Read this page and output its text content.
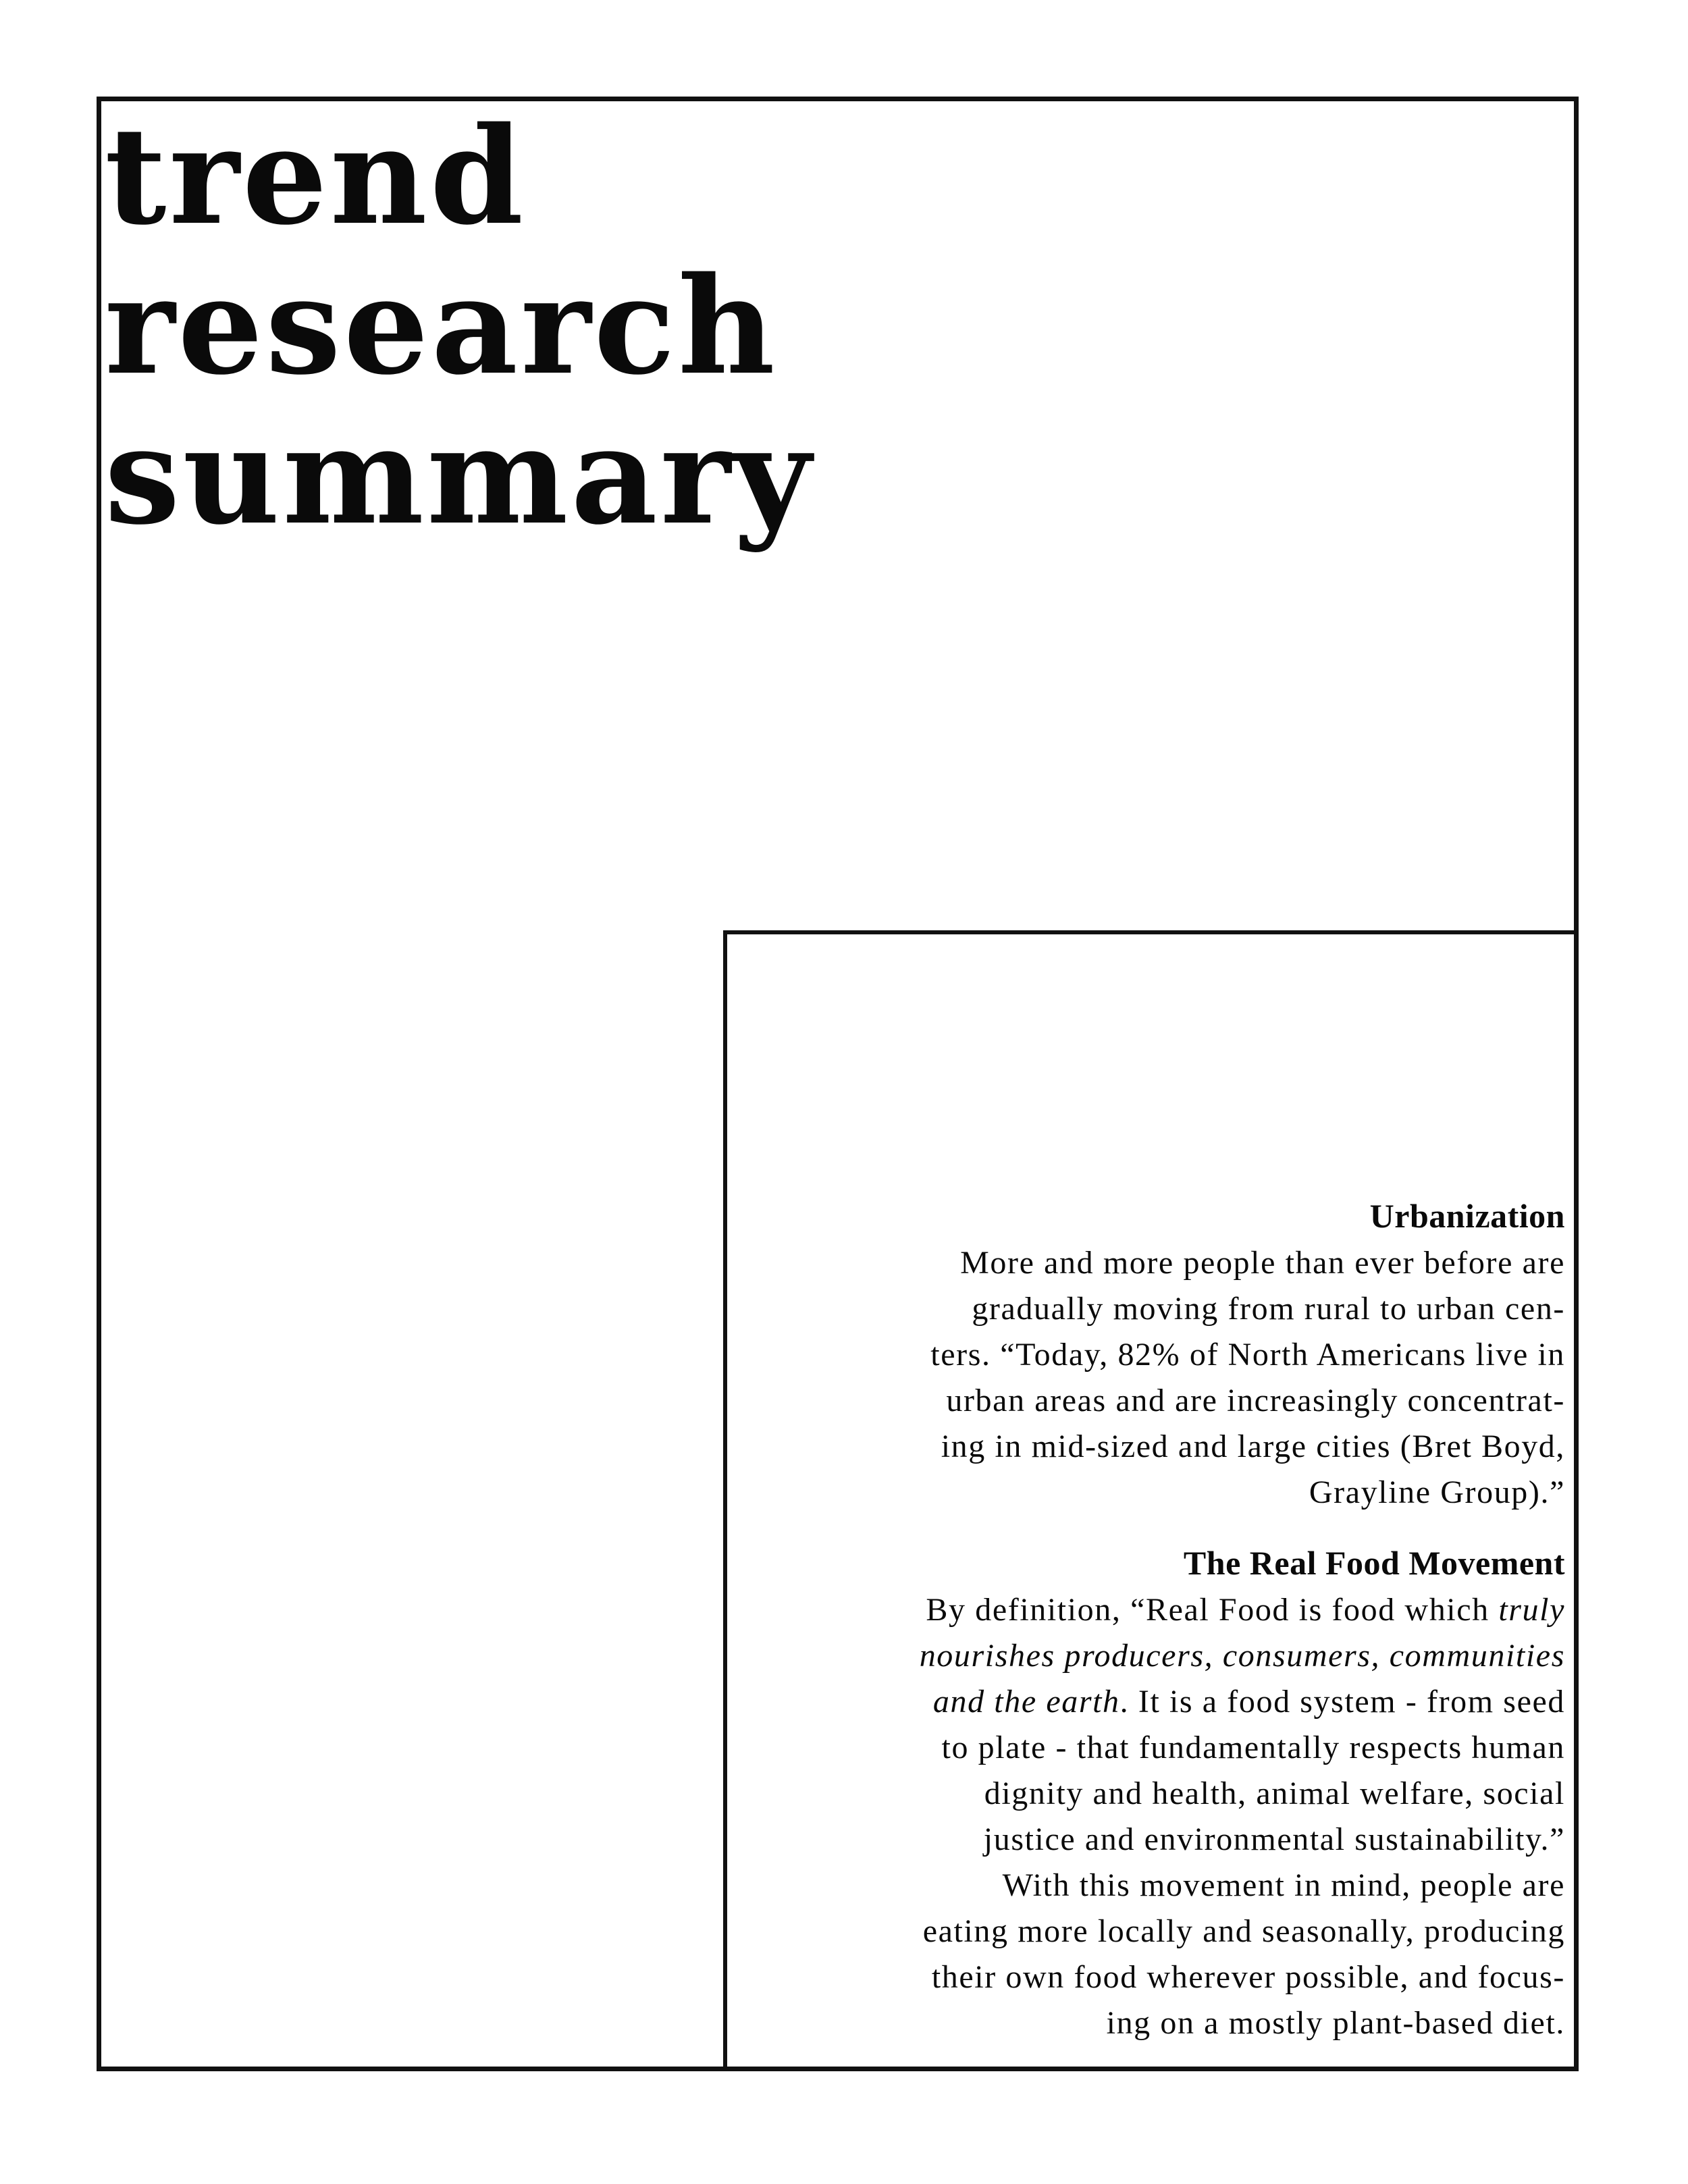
trend
research
summary
Urbanization

More and more people than ever before are
gradually moving from rural to urban cen-
ters. “Today, 82% of North Americans live in
urban areas and are increasingly concentrat-
ing in mid-sized and large cities (Bret Boyd,
Grayline Group).”

The Real Food Movement

By definition, “Real Food is food which truly
nourishes producers, consumers, communities
and the earth. It is a food system - from seed
to plate - that fundamentally respects human
dignity and health, animal welfare, social
justice and environmental sustainability.”
With this movement in mind, people are
eating more locally and seasonally, producing
their own food wherever possible, and focus-
ing on a mostly plant-based diet.
